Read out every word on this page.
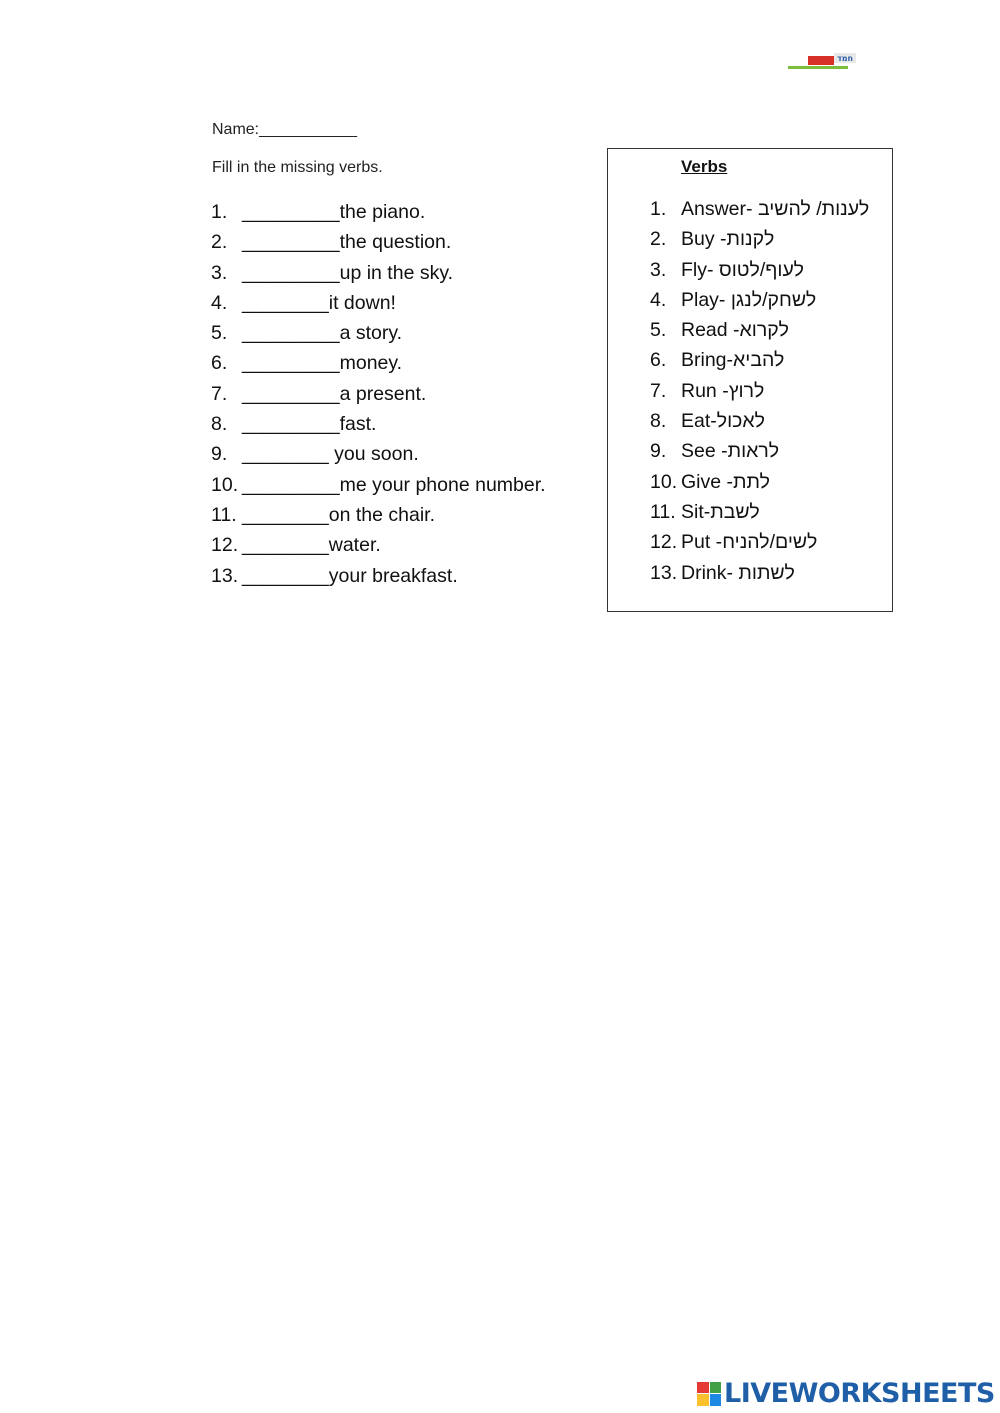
חמד
Name:___________
Fill in the missing verbs.
1. _________the piano.
2. _________the question.
3. _________up in the sky.
4. ________it down!
5. _________a story.
6. _________money.
7. _________a present.
8. _________fast.
9. ________ you soon.
10. _________me your phone number.
11. ________on the chair.
12. ________water.
13. ________your breakfast.
Verbs
1. Answer- לענות/ להשיב
2. Buy -לקנות
3. Fly- לעוף/לטוס
4. Play- לשחק/לנגן
5. Read -לקרוא
6. Bring-להביא
7. Run -לרוץ
8. Eat-לאכול
9. See -לראות
10. Give -לתת
11. Sit-לשבת
12. Put -לשים/להניח
13. Drink- לשתות
LIVEWORKSHEETS
